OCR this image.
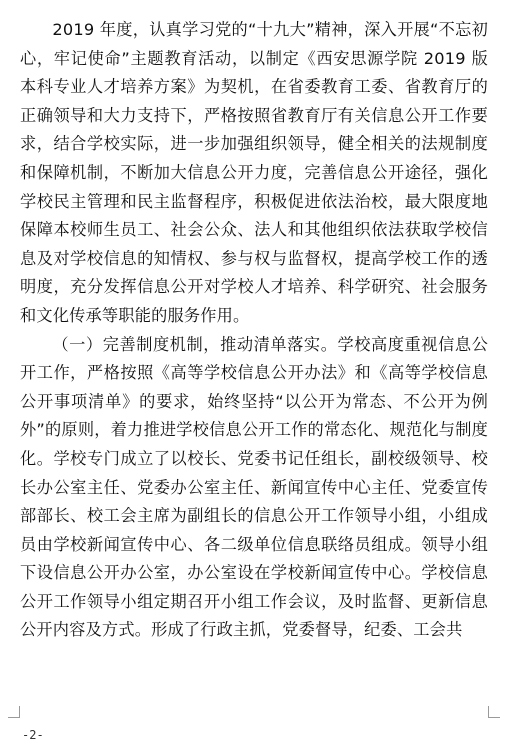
2019 年度，认真学习党的“十九大”精神，深入开展“不忘初心，牢记使命”主题教育活动，以制定《西安思源学院 2019 版本科专业人才培养方案》为契机，在省委教育工委、省教育厅的正确领导和大力支持下，严格按照省教育厅有关信息公开工作要求，结合学校实际，进一步加强组织领导，健全相关的法规制度和保障机制，不断加大信息公开力度，完善信息公开途径，强化学校民主管理和民主监督程序，积极促进依法治校，最大限度地保障本校师生员工、社会公众、法人和其他组织依法获取学校信息及对学校信息的知情权、参与权与监督权，提高学校工作的透明度，充分发挥信息公开对学校人才培养、科学研究、社会服务和文化传承等职能的服务作用。

（一）完善制度机制，推动清单落实。学校高度重视信息公开工作，严格按照《高等学校信息公开办法》和《高等学校信息公开事项清单》的要求，始终坚持“以公开为常态、不公开为例外”的原则，着力推进学校信息公开工作的常态化、规范化与制度化。学校专门成立了以校长、党委书记任组长，副校级领导、校长办公室主任、党委办公室主任、新闻宣传中心主任、党委宣传部部长、校工会主席为副组长的信息公开工作领导小组，小组成员由学校新闻宣传中心、各二级单位信息联络员组成。领导小组下设信息公开办公室，办公室设在学校新闻宣传中心。学校信息公开工作领导小组定期召开小组工作会议，及时监督、更新信息公开内容及方式。形成了行政主抓，党委督导，纪委、工会共

-2-
